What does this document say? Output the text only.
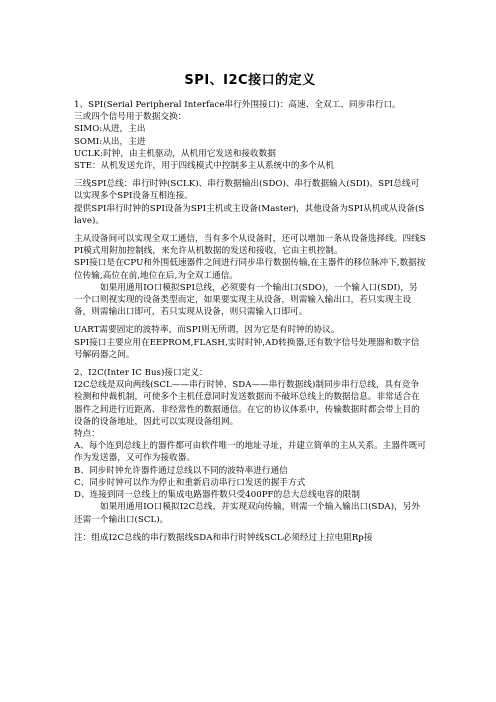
SPI、I2C接口的定义

1、SPI(Serial Peripheral Interface串行外围接口)：高速、全双工、同步串行口。

三或四个信号用于数据交换：

SIMO:从进，主出

SOMI:从出，主进

UCLK:时钟，由主机驱动，从机用它发送和接收数据

STE：从机发送允许，用于四线模式中控制多主从系统中的多个从机

三线SPI总线：串行时钟(SCLK)、串行数据输出(SDO)、串行数据输入(SDI)。SPI总线可以实现多个SPI设备互相连接。

提供SPI串行时钟的SPI设备为SPI主机或主设备(Master)，其他设备为SPI从机或从设备(Slave)。

主从设备间可以实现全双工通信，当有多个从设备时，还可以增加一条从设备选择线。四线SPI模式用附加控制线，来允许从机数据的发送和接收，它由主机控制。

SPI接口是在CPU和外围低速器件之间进行同步串行数据传输,在主器件的移位脉冲下,数据按位传输,高位在前,地位在后,为全双工通信。

如果用通用IO口模拟SPI总线，必须要有一个输出口(SDO)，一个输入口(SDI)，另一个口则视实现的设备类型而定，如果要实现主从设备，则需输入输出口，若只实现主设备，则需输出口即可，若只实现从设备，则只需输入口即可。

UART需要固定的波特率，而SPI则无所谓，因为它是有时钟的协议。

SPI接口主要应用在EEPROM,FLASH,实时时钟,AD转换器,还有数字信号处理器和数字信号解码器之间。

2、I2C(Inter IC Bus)接口定义：

I2C总线是双向两线(SCL——串行时钟、SDA——串行数据线)制同步串行总线，具有竞争检测和仲裁机制，可使多个主机任意同时发送数据而不破坏总线上的数据信息。非常适合在器件之间进行近距离、非经常性的数据通信。在它的协议体系中，传输数据时都会带上目的设备的设备地址，因此可以实现设备组网。

特点：

A、每个连到总线上的器件都可由软件唯一的地址寻址，并建立简单的主从关系。主器件既可作为发送器，又可作为接收器。

B、同步时钟允许器件通过总线以不同的波特率进行通信

C、同步时钟可以作为停止和重新启动串行口发送的握手方式

D、连接到同一总线上的集成电路器件数只受400PF的总大总线电容的限制

如果用通用IO口模拟I2C总线，并实现双向传输，则需一个输入输出口(SDA)，另外还需一个输出口(SCL)。

注：组成I2C总线的串行数据线SDA和串行时钟线SCL必须经过上拉电阻Rp接
